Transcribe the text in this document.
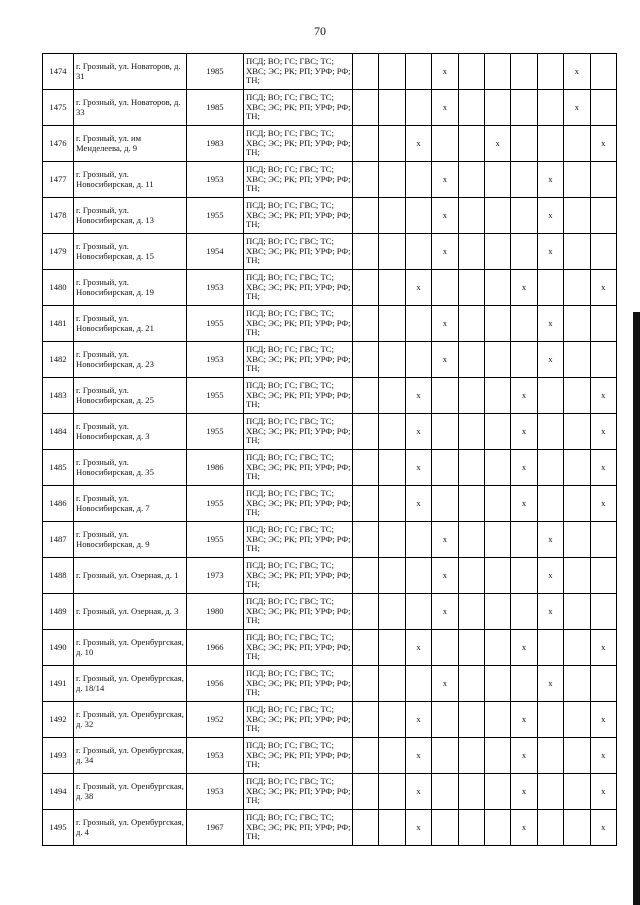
70
1474	г. Грозный, ул. Новаторов, д. 31	1985	ПСД; ВО; ГС; ГВС; ТС; ХВС; ЭС; РК; РП; УРФ; РФ; ТН;				x					x	
1475	г. Грозный, ул. Новаторов, д. 33	1985	ПСД; ВО; ГС; ГВС; ТС; ХВС; ЭС; РК; РП; УРФ; РФ; ТН;				x					x	
1476	г. Грозный, ул. им Менделеева, д. 9	1983	ПСД; ВО; ГС; ГВС; ТС; ХВС; ЭС; РК; РП; УРФ; РФ; ТН;			x			x				x
1477	г. Грозный, ул. Новосибирская, д. 11	1953	ПСД; ВО; ГС; ГВС; ТС; ХВС; ЭС; РК; РП; УРФ; РФ; ТН;				x				x		
1478	г. Грозный, ул. Новосибирская, д. 13	1955	ПСД; ВО; ГС; ГВС; ТС; ХВС; ЭС; РК; РП; УРФ; РФ; ТН;				x				x		
1479	г. Грозный, ул. Новосибирская, д. 15	1954	ПСД; ВО; ГС; ГВС; ТС; ХВС; ЭС; РК; РП; УРФ; РФ; ТН;				x				x		
1480	г. Грозный, ул. Новосибирская, д. 19	1953	ПСД; ВО; ГС; ГВС; ТС; ХВС; ЭС; РК; РП; УРФ; РФ; ТН;			x				x			x
1481	г. Грозный, ул. Новосибирская, д. 21	1955	ПСД; ВО; ГС; ГВС; ТС; ХВС; ЭС; РК; РП; УРФ; РФ; ТН;				x				x		
1482	г. Грозный, ул. Новосибирская, д. 23	1953	ПСД; ВО; ГС; ГВС; ТС; ХВС; ЭС; РК; РП; УРФ; РФ; ТН;				x				x		
1483	г. Грозный, ул. Новосибирская, д. 25	1955	ПСД; ВО; ГС; ГВС; ТС; ХВС; ЭС; РК; РП; УРФ; РФ; ТН;			x				x			x
1484	г. Грозный, ул. Новосибирская, д. 3	1955	ПСД; ВО; ГС; ГВС; ТС; ХВС; ЭС; РК; РП; УРФ; РФ; ТН;			x				x			x
1485	г. Грозный, ул. Новосибирская, д. 35	1986	ПСД; ВО; ГС; ГВС; ТС; ХВС; ЭС; РК; РП; УРФ; РФ; ТН;			x				x			x
1486	г. Грозный, ул. Новосибирская, д. 7	1955	ПСД; ВО; ГС; ГВС; ТС; ХВС; ЭС; РК; РП; УРФ; РФ; ТН;			x				x			x
1487	г. Грозный, ул. Новосибирская, д. 9	1955	ПСД; ВО; ГС; ГВС; ТС; ХВС; ЭС; РК; РП; УРФ; РФ; ТН;				x				x		
1488	г. Грозный, ул. Озерная, д. 1	1973	ПСД; ВО; ГС; ГВС; ТС; ХВС; ЭС; РК; РП; УРФ; РФ; ТН;				x				x		
1489	г. Грозный, ул. Озерная, д. 3	1980	ПСД; ВО; ГС; ГВС; ТС; ХВС; ЭС; РК; РП; УРФ; РФ; ТН;				x				x		
1490	г. Грозный, ул. Оренбургская, д. 10	1966	ПСД; ВО; ГС; ГВС; ТС; ХВС; ЭС; РК; РП; УРФ; РФ; ТН;			x				x			x
1491	г. Грозный, ул. Оренбургская, д. 18/14	1956	ПСД; ВО; ГС; ГВС; ТС; ХВС; ЭС; РК; РП; УРФ; РФ; ТН;				x				x		
1492	г. Грозный, ул. Оренбургская, д. 32	1952	ПСД; ВО; ГС; ГВС; ТС; ХВС; ЭС; РК; РП; УРФ; РФ; ТН;			x				x			x
1493	г. Грозный, ул. Оренбургская, д. 34	1953	ПСД; ВО; ГС; ГВС; ТС; ХВС; ЭС; РК; РП; УРФ; РФ; ТН;			x				x			x
1494	г. Грозный, ул. Оренбургская, д. 38	1953	ПСД; ВО; ГС; ГВС; ТС; ХВС; ЭС; РК; РП; УРФ; РФ; ТН;			x				x			x
1495	г. Грозный, ул. Оренбургская, д. 4	1967	ПСД; ВО; ГС; ГВС; ТС; ХВС; ЭС; РК; РП; УРФ; РФ; ТН;			x				x			x
